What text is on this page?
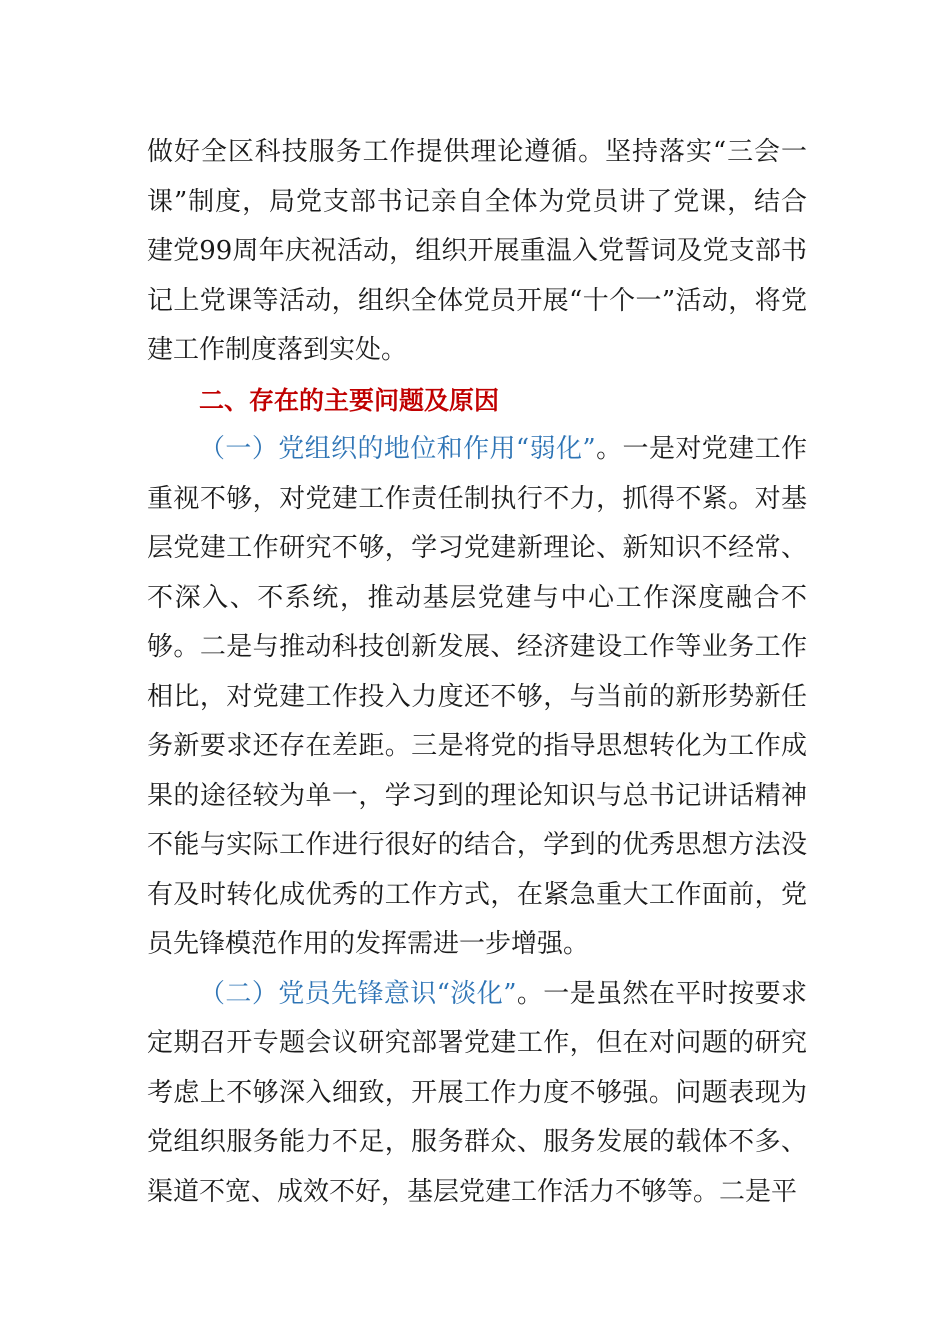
做好全区科技服务工作提供理论遵循。坚持落实“三会一课”制度，局党支部书记亲自全体为党员讲了党课，结合建党99周年庆祝活动，组织开展重温入党誓词及党支部书记上党课等活动，组织全体党员开展“十个一”活动，将党建工作制度落到实处。

二、存在的主要问题及原因

（一）党组织的地位和作用“弱化”。一是对党建工作重视不够，对党建工作责任制执行不力，抓得不紧。对基层党建工作研究不够，学习党建新理论、新知识不经常、不深入、不系统，推动基层党建与中心工作深度融合不够。二是与推动科技创新发展、经济建设工作等业务工作相比，对党建工作投入力度还不够，与当前的新形势新任务新要求还存在差距。三是将党的指导思想转化为工作成果的途径较为单一，学习到的理论知识与总书记讲话精神不能与实际工作进行很好的结合，学到的优秀思想方法没有及时转化成优秀的工作方式，在紧急重大工作面前，党员先锋模范作用的发挥需进一步增强。

（二）党员先锋意识“淡化”。一是虽然在平时按要求定期召开专题会议研究部署党建工作，但在对问题的研究考虑上不够深入细致，开展工作力度不够强。问题表现为党组织服务能力不足，服务群众、服务发展的载体不多、渠道不宽、成效不好，基层党建工作活力不够等。二是平
